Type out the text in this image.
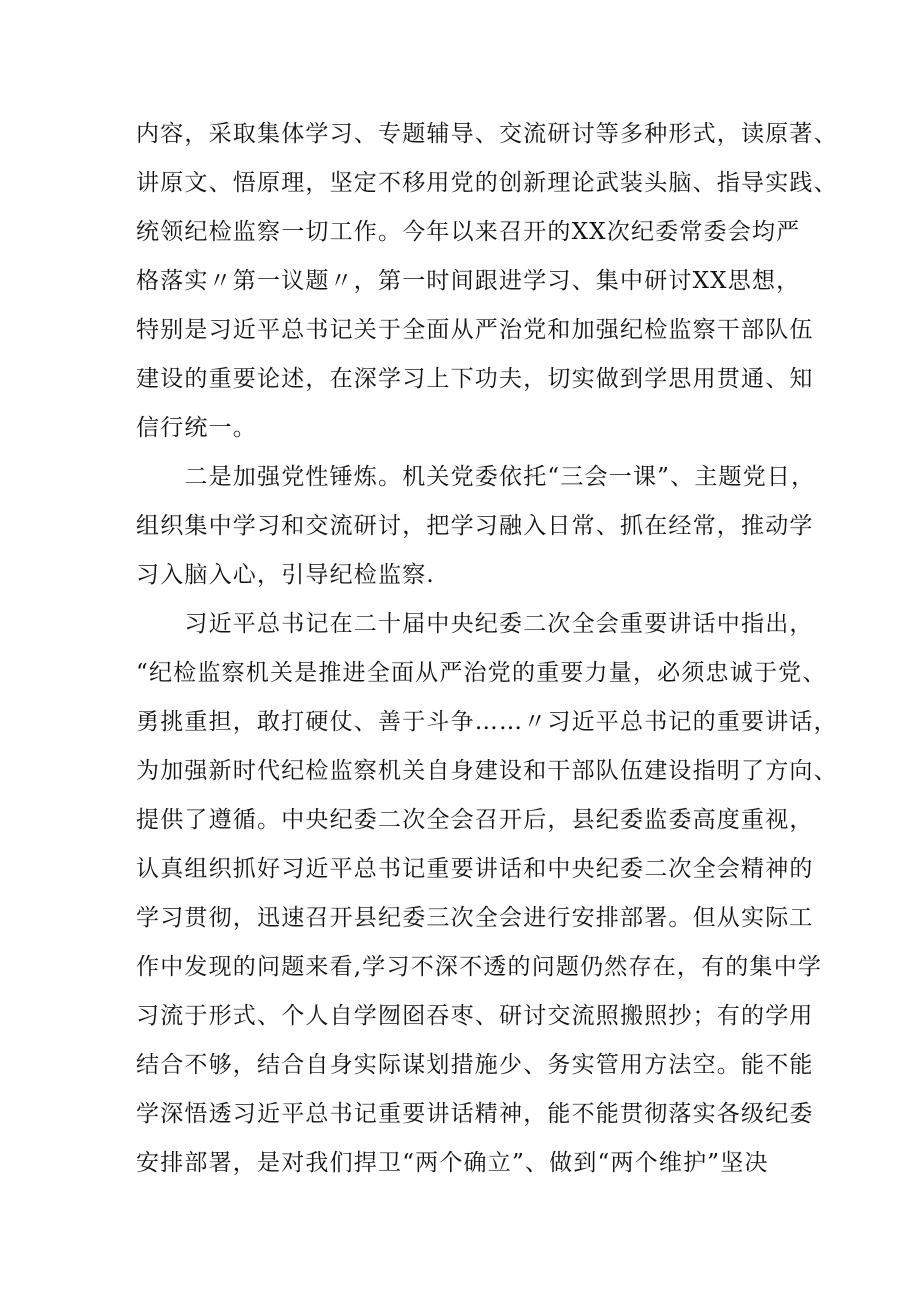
内容，采取集体学习、专题辅导、交流研讨等多种形式，读原著、
讲原文、悟原理，坚定不移用党的创新理论武装头脑、指导实践、
统领纪检监察一切工作。今年以来召开的XX次纪委常委会均严
格落实〃第一议题〃，第一时间跟进学习、集中研讨XX思想，
特别是习近平总书记关于全面从严治党和加强纪检监察干部队伍
建设的重要论述，在深学习上下功夫，切实做到学思用贯通、知
信行统一。
　　二是加强党性锤炼。机关党委依托“三会一课”、主题党日，
组织集中学习和交流研讨，把学习融入日常、抓在经常，推动学
习入脑入心，引导纪检监察.
　　习近平总书记在二十届中央纪委二次全会重要讲话中指出，
“纪检监察机关是推进全面从严治党的重要力量，必须忠诚于党、
勇挑重担，敢打硬仗、善于斗争……〃习近平总书记的重要讲话，
为加强新时代纪检监察机关自身建设和干部队伍建设指明了方向、
提供了遵循。中央纪委二次全会召开后，县纪委监委高度重视，
认真组织抓好习近平总书记重要讲话和中央纪委二次全会精神的
学习贯彻，迅速召开县纪委三次全会进行安排部署。但从实际工
作中发现的问题来看,学习不深不透的问题仍然存在，有的集中学
习流于形式、个人自学囫囵吞枣、研讨交流照搬照抄；有的学用
结合不够，结合自身实际谋划措施少、务实管用方法空。能不能
学深悟透习近平总书记重要讲话精神，能不能贯彻落实各级纪委
安排部署，是对我们捍卫“两个确立”、做到“两个维护”坚决
